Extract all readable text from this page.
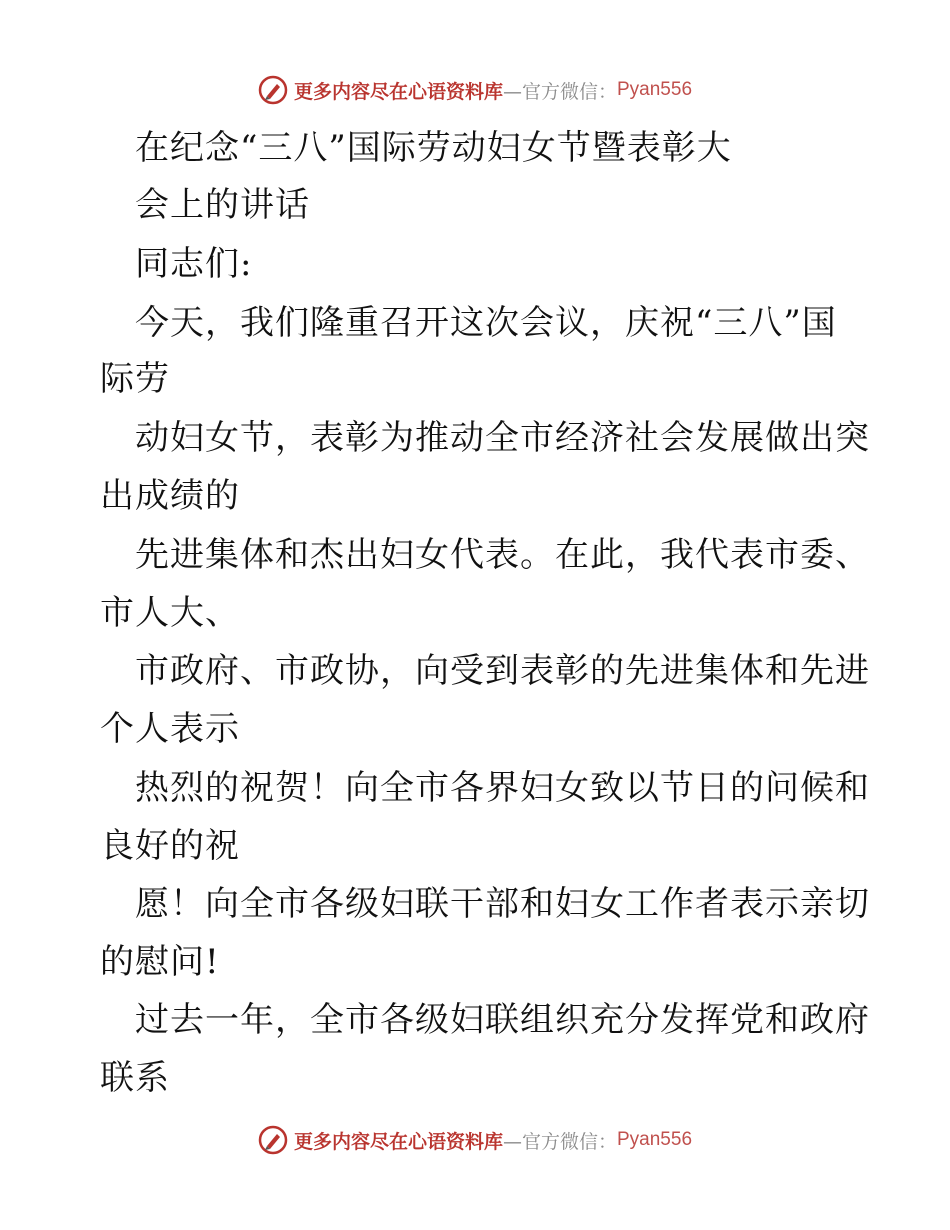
更多内容尽在心语资料库 —官方微信： Pyan556
在纪念“三八”国际劳动妇女节暨表彰大
会上的讲话
同志们:
今天，我们隆重召开这次会议，庆祝“三八”国
际劳
动妇女节，表彰为推动全市经济社会发展做出突
出成绩的
先进集体和杰出妇女代表。在此，我代表市委、
市人大、
市政府、市政协，向受到表彰的先进集体和先进
个人表示
热烈的祝贺！向全市各界妇女致以节日的问候和
良好的祝
愿！向全市各级妇联干部和妇女工作者表示亲切
的慰问!
过去一年，全市各级妇联组织充分发挥党和政府
联系
更多内容尽在心语资料库 —官方微信： Pyan556
